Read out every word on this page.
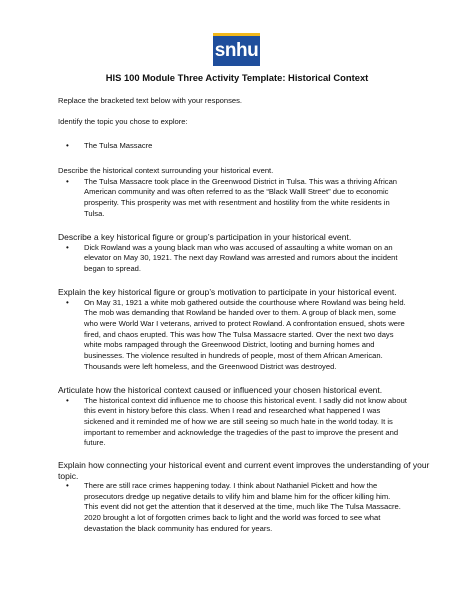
snhu
HIS 100 Module Three Activity Template: Historical Context

Replace the bracketed text below with your responses.

Identify the topic you chose to explore:

• The Tulsa Massacre

Describe the historical context surrounding your historical event.

• The Tulsa Massacre took place in the Greenwood District in Tulsa. This was a thriving African
American community and was often referred to as the “Black Walll Street” due to economic
prosperity. This prosperity was met with resentment and hostility from the white residents in
Tulsa.

Describe a key historical figure or group’s participation in your historical event.

• Dick Rowland was a young black man who was accused of assaulting a white woman on an
elevator on May 30, 1921. The next day Rowland was arrested and rumors about the incident
began to spread.

Explain the key historical figure or group’s motivation to participate in your historical event.

• On May 31, 1921 a white mob gathered outside the courthouse where Rowland was being held.
The mob was demanding that Rowland be handed over to them. A group of black men, some
who were World War I veterans, arrived to protect Rowland. A confrontation ensued, shots were
fired, and chaos erupted. This was how The Tulsa Massacre started. Over the next two days
white mobs rampaged through the Greenwood District, looting and burning homes and
businesses. The violence resulted in hundreds of people, most of them African American.
Thousands were left homeless, and the Greenwood District was destroyed.

Articulate how the historical context caused or influenced your chosen historical event.

• The historical context did influence me to choose this historical event. I sadly did not know about
this event in history before this class. When I read and researched what happened I was
sickened and it reminded me of how we are still seeing so much hate in the world today. It is
important to remember and acknowledge the tragedies of the past to improve the present and
future.

Explain how connecting your historical event and current event improves the understanding of your topic.

• There are still race crimes happening today. I think about Nathaniel Pickett and how the
prosecutors dredge up negative details to vilify him and blame him for the officer killing him.
This event did not get the attention that it deserved at the time, much like The Tulsa Massacre.
2020 brought a lot of forgotten crimes back to light and the world was forced to see what
devastation the black community has endured for years.
